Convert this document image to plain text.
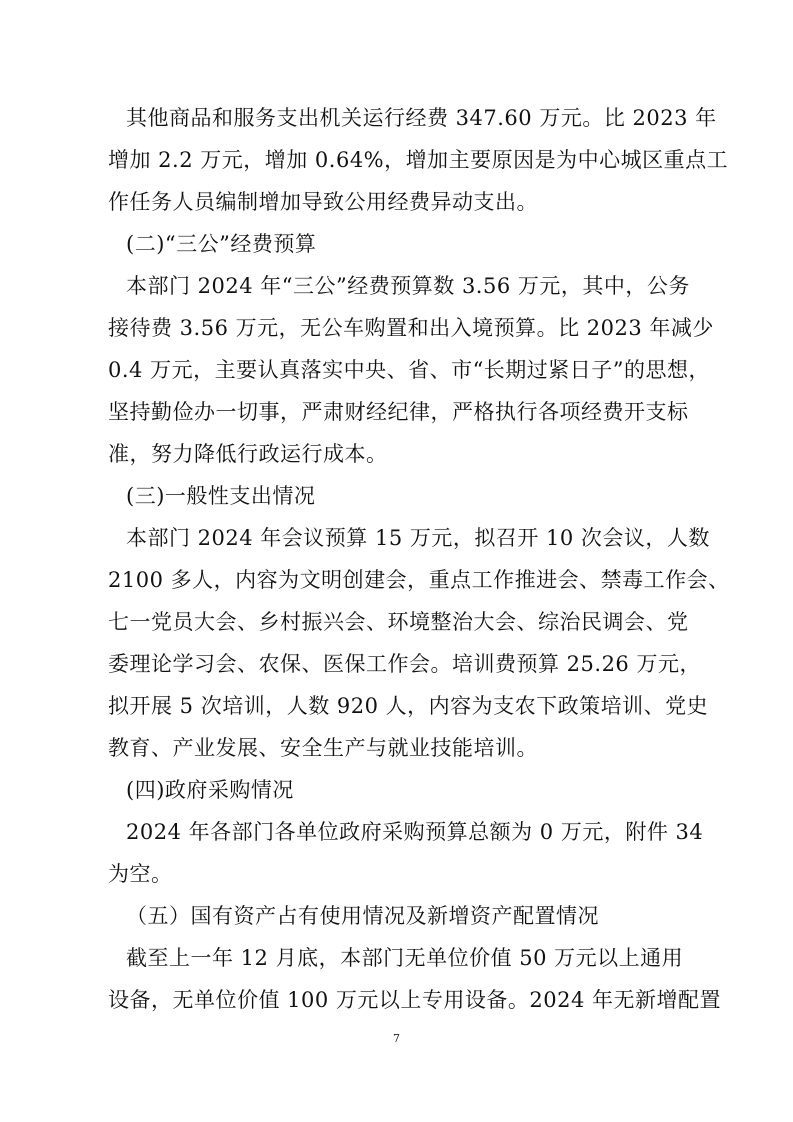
其他商品和服务支出机关运行经费 347.60 万元。比 2023 年
增加 2.2 万元，增加 0.64%，增加主要原因是为中心城区重点工
作任务人员编制增加导致公用经费异动支出。
(二)“三公”经费预算
本部门 2024 年“三公”经费预算数 3.56 万元，其中，公务
接待费 3.56 万元，无公车购置和出入境预算。比 2023 年减少
0.4 万元，主要认真落实中央、省、市“长期过紧日子”的思想，
坚持勤俭办一切事，严肃财经纪律，严格执行各项经费开支标
准，努力降低行政运行成本。
(三)一般性支出情况
本部门 2024 年会议预算 15 万元，拟召开 10 次会议，人数
2100 多人，内容为文明创建会，重点工作推进会、禁毒工作会、
七一党员大会、乡村振兴会、环境整治大会、综治民调会、党
委理论学习会、农保、医保工作会。培训费预算 25.26 万元，
拟开展 5 次培训，人数 920 人，内容为支农下政策培训、党史
教育、产业发展、安全生产与就业技能培训。
(四)政府采购情况
2024 年各部门各单位政府采购预算总额为 0 万元，附件 34
为空。
（五）国有资产占有使用情况及新增资产配置情况
截至上一年 12 月底，本部门无单位价值 50 万元以上通用
设备，无单位价值 100 万元以上专用设备。2024 年无新增配置
7
